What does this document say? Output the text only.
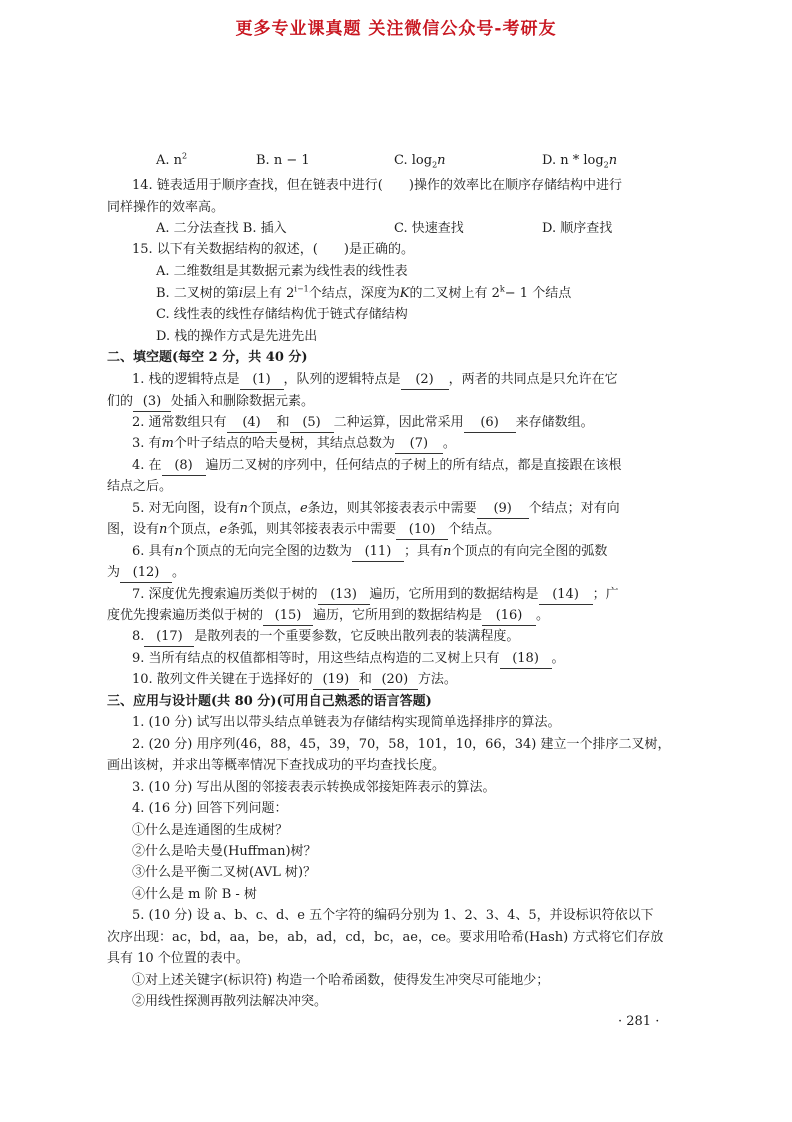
更多专业课真题 关注微信公众号-考研友
A. $n^2$	B. n − 1	C. $\log_2n$	D. n * $\log_2n$
14. 链表适用于顺序查找，但在链表中进行(　　)操作的效率比在顺序存储结构中进行
同样操作的效率高。
A. 二分法查找 B. 插入	C. 快速查找	D. 顺序查找
15. 以下有关数据结构的叙述，(　　)是正确的。
A. 二维数组是其数据元素为线性表的线性表
B. 二叉树的第i层上有 $2^{i-1}$个结点，深度为K的二叉树上有 $2^k- 1$ 个结点
C. 线性表的线性存储结构优于链式存储结构
D. 栈的操作方式是先进先出
二、填空题(每空 2 分，共 40 分)
1. 栈的逻辑特点是 (1) ，队列的逻辑特点是 (2) ，两者的共同点是只允许在它
们的 (3) 处插入和删除数据元素。
2. 通常数组只有 (4) 和 (5) 二种运算，因此常采用 (6) 来存储数组。
3. 有m个叶子结点的哈夫曼树，其结点总数为 (7) 。
4. 在 (8) 遍历二叉树的序列中，任何结点的子树上的所有结点，都是直接跟在该根
结点之后。
5. 对无向图，设有n个顶点，e条边，则其邻接表表示中需要 (9) 个结点；对有向
图，设有n个顶点，e条弧，则其邻接表表示中需要 (10) 个结点。
6. 具有n个顶点的无向完全图的边数为 (11) ；具有n个顶点的有向完全图的弧数
为 (12) 。
7. 深度优先搜索遍历类似于树的 (13) 遍历，它所用到的数据结构是 (14) ；广
度优先搜索遍历类似于树的 (15) 遍历，它所用到的数据结构是 (16) 。
8. (17) 是散列表的一个重要参数，它反映出散列表的装满程度。
9. 当所有结点的权值都相等时，用这些结点构造的二叉树上只有 (18) 。
10. 散列文件关键在于选择好的 (19) 和 (20) 方法。
三、应用与设计题(共 80 分)(可用自己熟悉的语言答题)
1. (10 分) 试写出以带头结点单链表为存储结构实现简单选择排序的算法。
2. (20 分) 用序列(46，88，45，39，70，58，101，10，66，34) 建立一个排序二叉树，
画出该树，并求出等概率情况下查找成功的平均查找长度。
3. (10 分) 写出从图的邻接表表示转换成邻接矩阵表示的算法。
4. (16 分) 回答下列问题：
①什么是连通图的生成树？
②什么是哈夫曼(Huffman)树？
③什么是平衡二叉树(AVL 树)？
④什么是 m 阶 B - 树
5. (10 分) 设 a、b、c、d、e 五个字符的编码分别为 1、2、3、4、5，并设标识符依以下
次序出现：ac，bd，aa，be，ab，ad，cd，bc，ae，ce。要求用哈希(Hash) 方式将它们存放
具有 10 个位置的表中。
①对上述关键字(标识符) 构造一个哈希函数，使得发生冲突尽可能地少；
②用线性探测再散列法解决冲突。
· 281 ·
